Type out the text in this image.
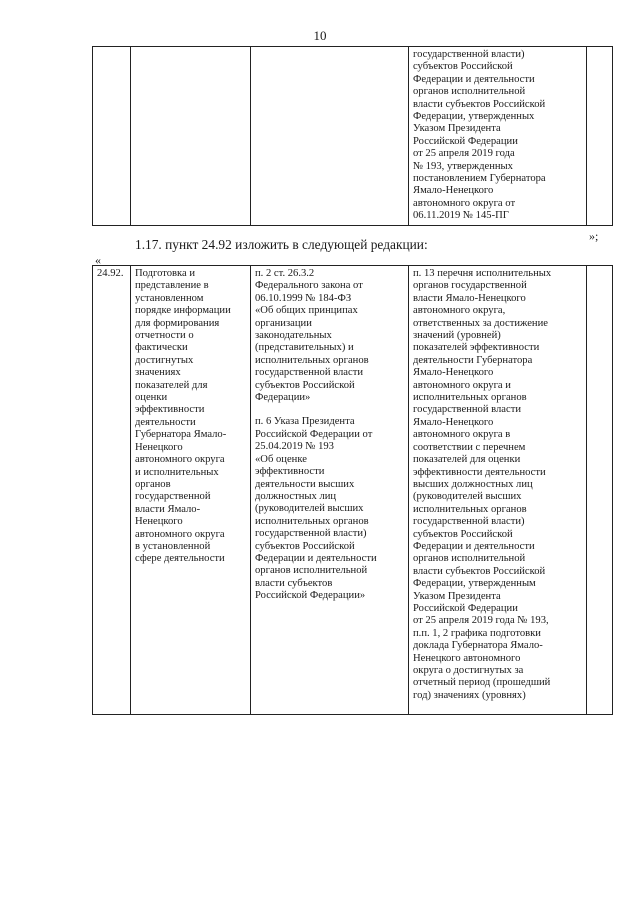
10

государственной власти)
субъектов Российской
Федерации и деятельности
органов исполнительной
власти субъектов Российской
Федерации, утвержденных
Указом Президента
Российской Федерации
от 25 апреля 2019 года
№ 193, утвержденных
постановлением Губернатора
Ямало-Ненецкого
автономного округа от
06.11.2019 № 145-ПГ

»;
1.17. пункт 24.92 изложить в следующей редакции:
«
24.92.	Подготовка и
представление в
установленном
порядке информации
для формирования
отчетности о
фактически
достигнутых
значениях
показателей для
оценки
эффективности
деятельности
Губернатора Ямало-
Ненецкого
автономного округа
и исполнительных
органов
государственной
власти Ямало-
Ненецкого
автономного округа
в установленной
сфере деятельности

п. 2 ст. 26.3.2
Федерального закона от
06.10.1999 № 184-ФЗ
«Об общих принципах
организации
законодательных
(представительных) и
исполнительных органов
государственной власти
субъектов Российской
Федерации»
п. 6 Указа Президента
Российской Федерации от
25.04.2019 № 193
«Об оценке
эффективности
деятельности высших
должностных лиц
(руководителей высших
исполнительных органов
государственной власти)
субъектов Российской
Федерации и деятельности
органов исполнительной
власти субъектов
Российской Федерации»

п. 13 перечня исполнительных
органов государственной
власти Ямало-Ненецкого
автономного округа,
ответственных за достижение
значений (уровней)
показателей эффективности
деятельности Губернатора
Ямало-Ненецкого
автономного округа и
исполнительных органов
государственной власти
Ямало-Ненецкого
автономного округа в
соответствии с перечнем
показателей для оценки
эффективности деятельности
высших должностных лиц
(руководителей высших
исполнительных органов
государственной власти)
субъектов Российской
Федерации и деятельности
органов исполнительной
власти субъектов Российской
Федерации, утвержденным
Указом Президента
Российской Федерации
от 25 апреля 2019 года № 193,
п.п. 1, 2 графика подготовки
доклада Губернатора Ямало-
Ненецкого автономного
округа о достигнутых за
отчетный период (прошедший
год) значениях (уровнях)
